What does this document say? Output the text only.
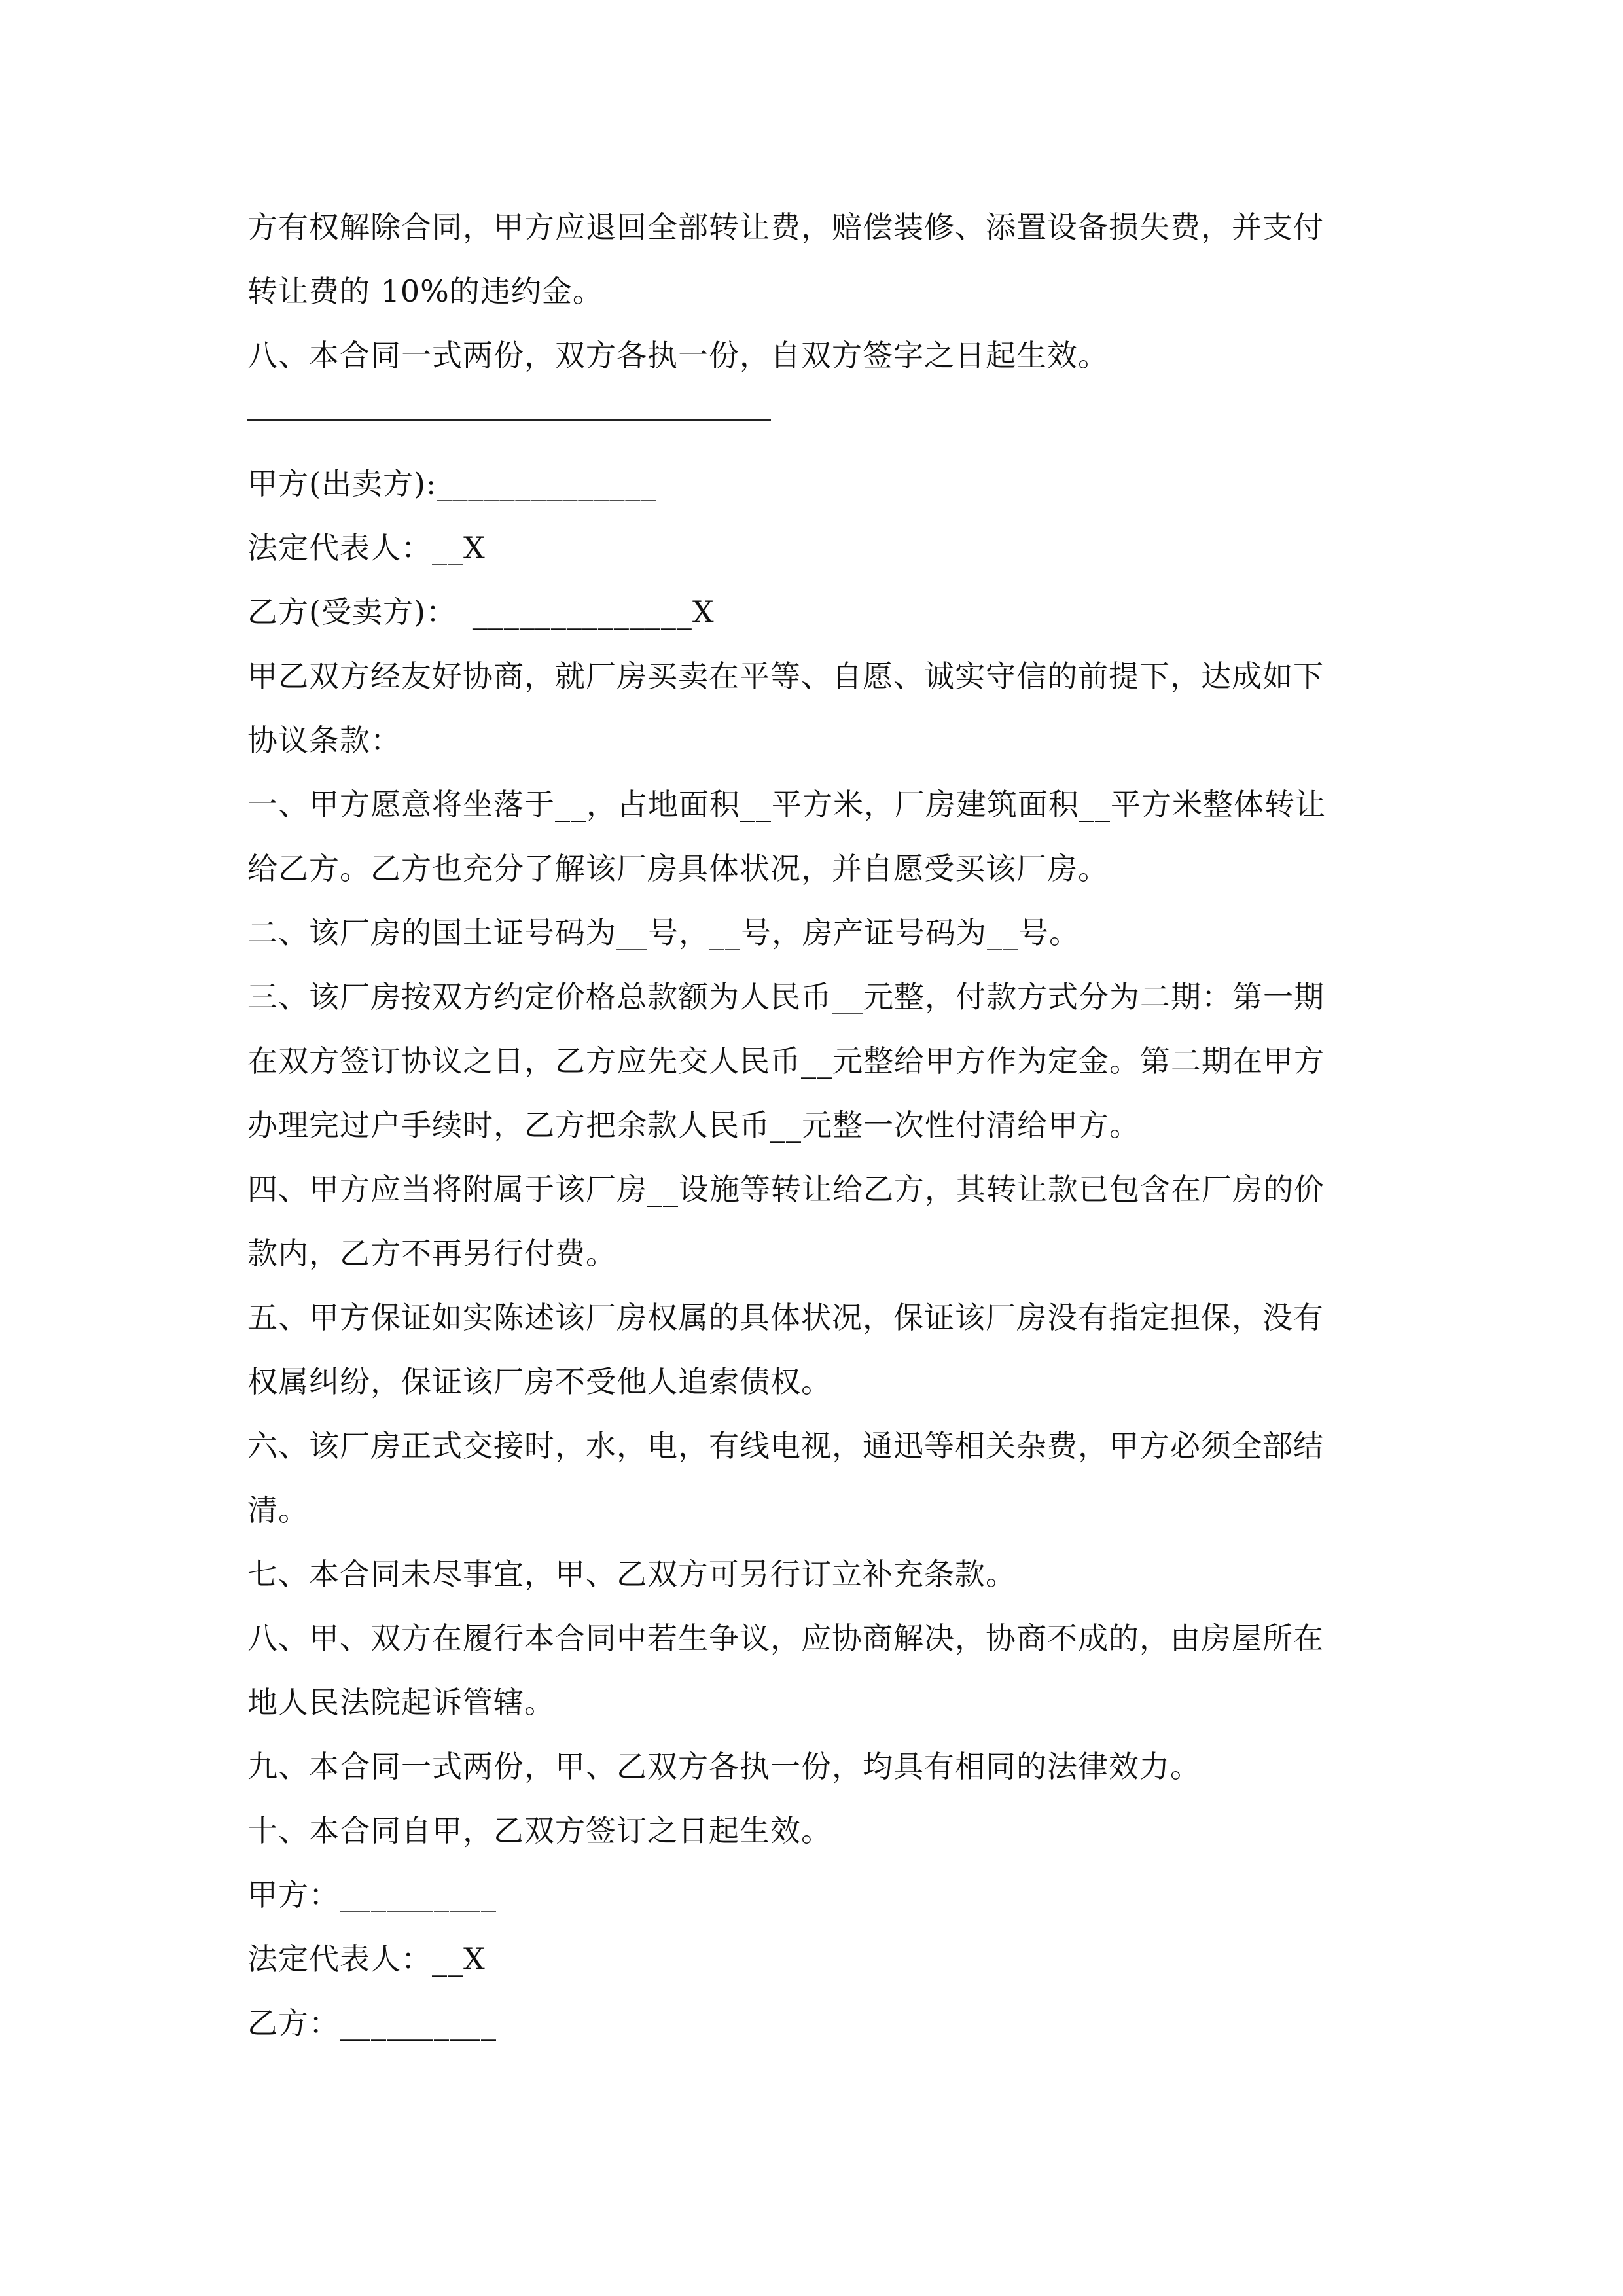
方有权解除合同，甲方应退回全部转让费，赔偿装修、添置设备损失费，并支付
转让费的 10%的违约金。
八、本合同一式两份，双方各执一份，自双方签字之日起生效。
甲方(出卖方):______________
法定代表人：__X
乙方(受卖方)：　______________X
甲乙双方经友好协商，就厂房买卖在平等、自愿、诚实守信的前提下，达成如下
协议条款：
一、甲方愿意将坐落于__，占地面积__平方米，厂房建筑面积__平方米整体转让
给乙方。乙方也充分了解该厂房具体状况，并自愿受买该厂房。
二、该厂房的国土证号码为__号，__号，房产证号码为__号。
三、该厂房按双方约定价格总款额为人民币__元整，付款方式分为二期：第一期
在双方签订协议之日，乙方应先交人民币__元整给甲方作为定金。第二期在甲方
办理完过户手续时，乙方把余款人民币__元整一次性付清给甲方。
四、甲方应当将附属于该厂房__设施等转让给乙方，其转让款已包含在厂房的价
款内，乙方不再另行付费。
五、甲方保证如实陈述该厂房权属的具体状况，保证该厂房没有指定担保，没有
权属纠纷，保证该厂房不受他人追索债权。
六、该厂房正式交接时，水，电，有线电视，通迅等相关杂费，甲方必须全部结
清。
七、本合同未尽事宜，甲、乙双方可另行订立补充条款。
八、甲、双方在履行本合同中若生争议，应协商解决，协商不成的，由房屋所在
地人民法院起诉管辖。
九、本合同一式两份，甲、乙双方各执一份，均具有相同的法律效力。
十、本合同自甲，乙双方签订之日起生效。
甲方：__________
法定代表人：__X
乙方：__________
